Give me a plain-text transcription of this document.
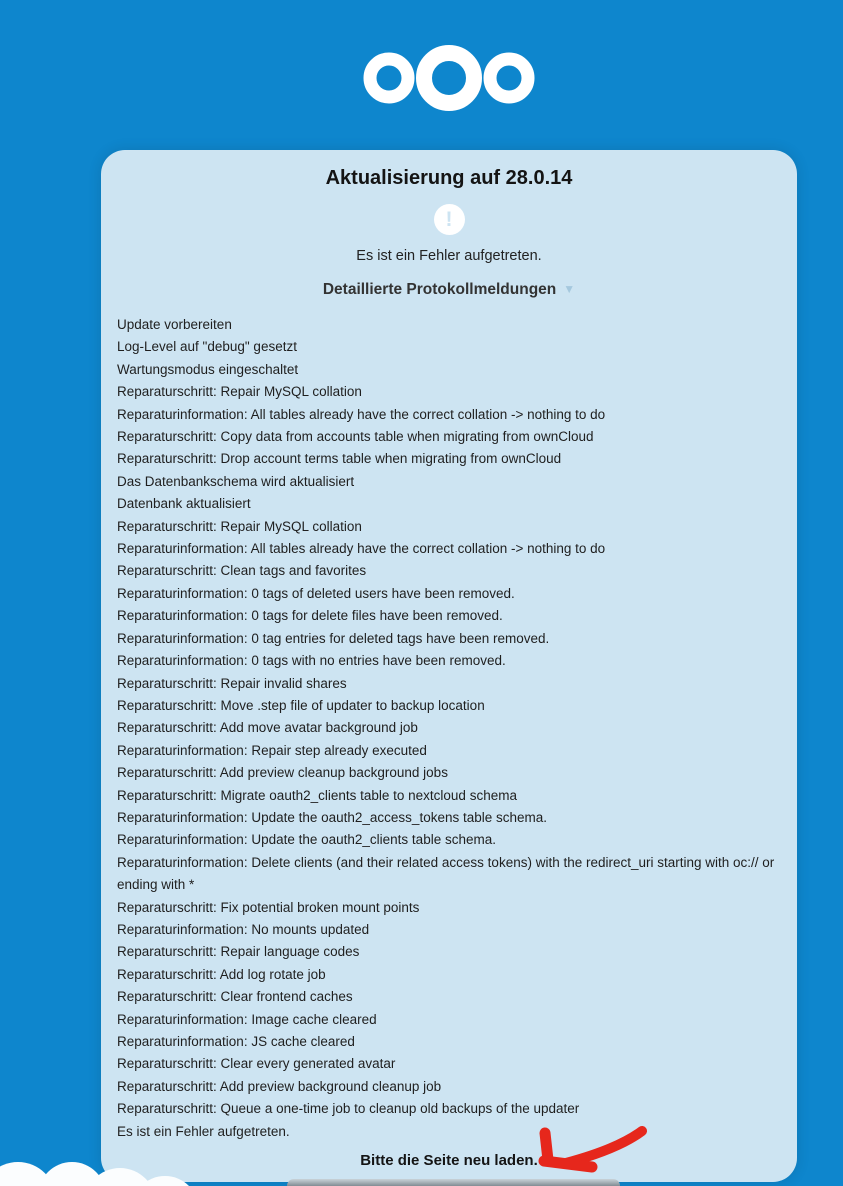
Aktualisierung auf 28.0.14
!
Es ist ein Fehler aufgetreten.
Detaillierte Protokollmeldungen ▼
Update vorbereiten
Log-Level auf "debug" gesetzt
Wartungsmodus eingeschaltet
Reparaturschritt: Repair MySQL collation
Reparaturinformation: All tables already have the correct collation -> nothing to do
Reparaturschritt: Copy data from accounts table when migrating from ownCloud
Reparaturschritt: Drop account terms table when migrating from ownCloud
Das Datenbankschema wird aktualisiert
Datenbank aktualisiert
Reparaturschritt: Repair MySQL collation
Reparaturinformation: All tables already have the correct collation -> nothing to do
Reparaturschritt: Clean tags and favorites
Reparaturinformation: 0 tags of deleted users have been removed.
Reparaturinformation: 0 tags for delete files have been removed.
Reparaturinformation: 0 tag entries for deleted tags have been removed.
Reparaturinformation: 0 tags with no entries have been removed.
Reparaturschritt: Repair invalid shares
Reparaturschritt: Move .step file of updater to backup location
Reparaturschritt: Add move avatar background job
Reparaturinformation: Repair step already executed
Reparaturschritt: Add preview cleanup background jobs
Reparaturschritt: Migrate oauth2_clients table to nextcloud schema
Reparaturinformation: Update the oauth2_access_tokens table schema.
Reparaturinformation: Update the oauth2_clients table schema.
Reparaturinformation: Delete clients (and their related access tokens) with the redirect_uri starting with oc:// or ending with *
Reparaturschritt: Fix potential broken mount points
Reparaturinformation: No mounts updated
Reparaturschritt: Repair language codes
Reparaturschritt: Add log rotate job
Reparaturschritt: Clear frontend caches
Reparaturinformation: Image cache cleared
Reparaturinformation: JS cache cleared
Reparaturschritt: Clear every generated avatar
Reparaturschritt: Add preview background cleanup job
Reparaturschritt: Queue a one-time job to cleanup old backups of the updater
Es ist ein Fehler aufgetreten.
Bitte die Seite neu laden.
